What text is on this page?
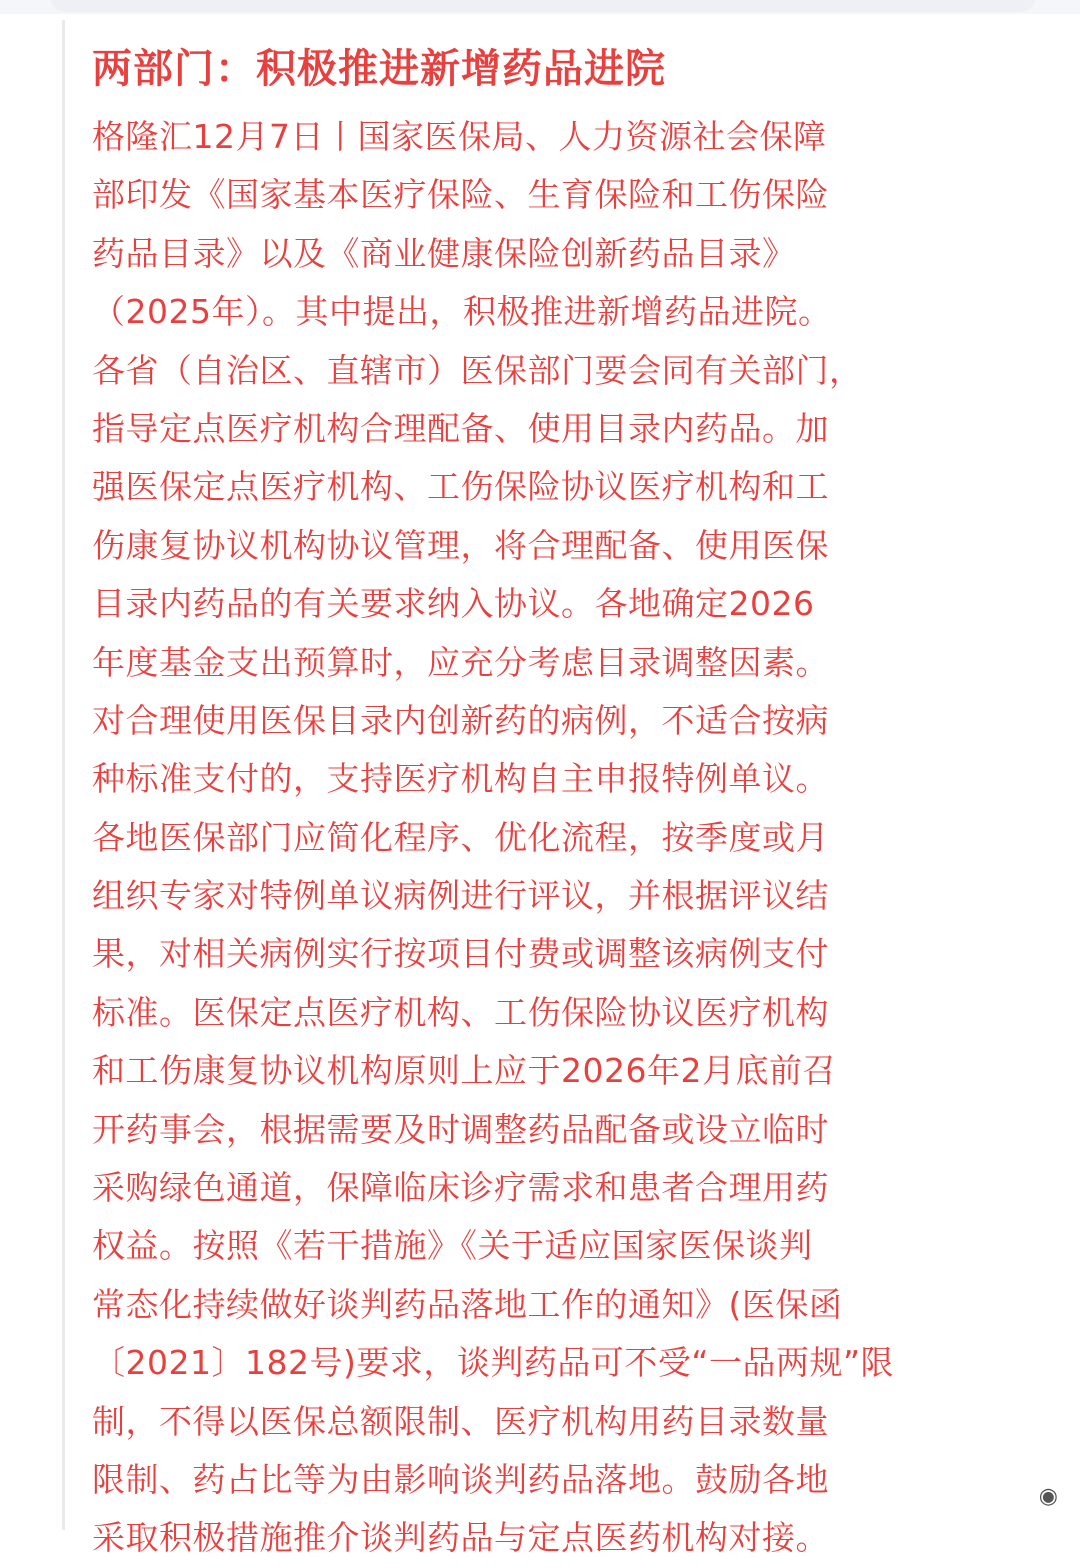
两部门：积极推进新增药品进院
格隆汇12月7日丨国家医保局、人力资源社会保障
部印发《国家基本医疗保险、生育保险和工伤保险
药品目录》以及《商业健康保险创新药品目录》
（2025年）。其中提出，积极推进新增药品进院。
各省（自治区、直辖市）医保部门要会同有关部门，
指导定点医疗机构合理配备、使用目录内药品。加
强医保定点医疗机构、工伤保险协议医疗机构和工
伤康复协议机构协议管理，将合理配备、使用医保
目录内药品的有关要求纳入协议。各地确定2026
年度基金支出预算时，应充分考虑目录调整因素。
对合理使用医保目录内创新药的病例，不适合按病
种标准支付的，支持医疗机构自主申报特例单议。
各地医保部门应简化程序、优化流程，按季度或月
组织专家对特例单议病例进行评议，并根据评议结
果，对相关病例实行按项目付费或调整该病例支付
标准。医保定点医疗机构、工伤保险协议医疗机构
和工伤康复协议机构原则上应于2026年2月底前召
开药事会，根据需要及时调整药品配备或设立临时
采购绿色通道，保障临床诊疗需求和患者合理用药
权益。按照《若干措施》《关于适应国家医保谈判
常态化持续做好谈判药品落地工作的通知》(医保函
〔2021〕182号)要求，谈判药品可不受“一品两规”限
制，不得以医保总额限制、医疗机构用药目录数量
限制、药占比等为由影响谈判药品落地。鼓励各地
采取积极措施推介谈判药品与定点医药机构对接。
◉
